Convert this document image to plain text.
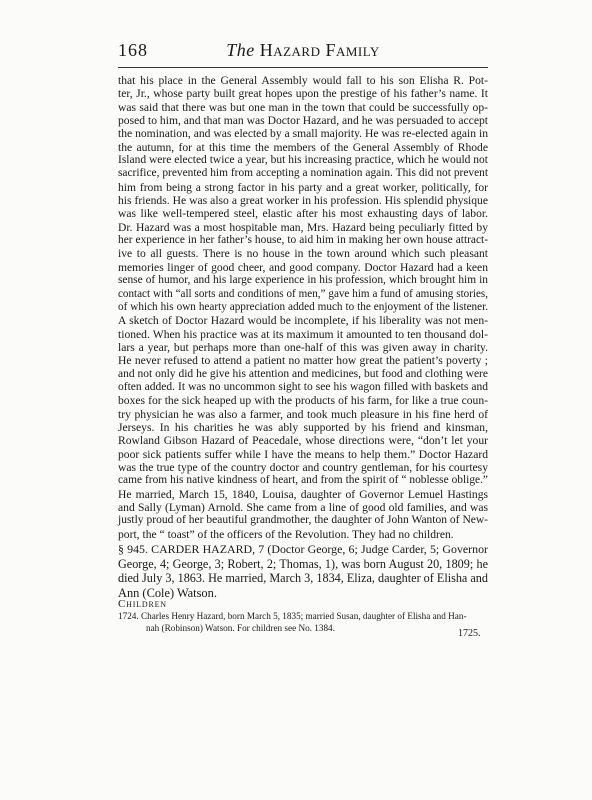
168	The Hazard Family
that his place in the General Assembly would fall to his son Elisha R. Pot-
ter, Jr., whose party built great hopes upon the prestige of his father’s name. It
was said that there was but one man in the town that could be successfully op-
posed to him, and that man was Doctor Hazard, and he was persuaded to accept
the nomination, and was elected by a small majority. He was re-elected again in
the autumn, for at this time the members of the General Assembly of Rhode
Island were elected twice a year, but his increasing practice, which he would not
sacrifice, prevented him from accepting a nomination again. This did not prevent
him from being a strong factor in his party and a great worker, politically, for
his friends. He was also a great worker in his profession. His splendid physique
was like well-tempered steel, elastic after his most exhausting days of labor.
Dr. Hazard was a most hospitable man, Mrs. Hazard being peculiarly fitted by
her experience in her father’s house, to aid him in making her own house attract-
ive to all guests. There is no house in the town around which such pleasant
memories linger of good cheer, and good company. Doctor Hazard had a keen
sense of humor, and his large experience in his profession, which brought him in
contact with “all sorts and conditions of men,” gave him a fund of amusing stories,
of which his own hearty appreciation added much to the enjoyment of the listener.
A sketch of Doctor Hazard would be incomplete, if his liberality was not men-
tioned. When his practice was at its maximum it amounted to ten thousand dol-
lars a year, but perhaps more than one-half of this was given away in charity.
He never refused to attend a patient no matter how great the patient’s poverty ;
and not only did he give his attention and medicines, but food and clothing were
often added. It was no uncommon sight to see his wagon filled with baskets and
boxes for the sick heaped up with the products of his farm, for like a true coun-
try physician he was also a farmer, and took much pleasure in his fine herd of
Jerseys. In his charities he was ably supported by his friend and kinsman,
Rowland Gibson Hazard of Peacedale, whose directions were, “don’t let your
poor sick patients suffer while I have the means to help them.” Doctor Hazard
was the true type of the country doctor and country gentleman, for his courtesy
came from his native kindness of heart, and from the spirit of “ noblesse oblige.”
He married, March 15, 1840, Louisa, daughter of Governor Lemuel Hastings
and Sally (Lyman) Arnold. She came from a line of good old families, and was
justly proud of her beautiful grandmother, the daughter of John Wanton of New-
port, the “ toast” of the officers of the Revolution. They had no children.
§ 945. CARDER HAZARD, 7 (Doctor George, 6; Judge Carder, 5; Governor
George, 4; George, 3; Robert, 2; Thomas, 1), was born August 20, 1809; he
died July 3, 1863. He married, March 3, 1834, Eliza, daughter of Elisha and
Ann (Cole) Watson.
Children
1724. Charles Henry Hazard, born March 5, 1835; married Susan, daughter of Elisha and Han-
nah (Robinson) Watson. For children see No. 1384.
1725.
